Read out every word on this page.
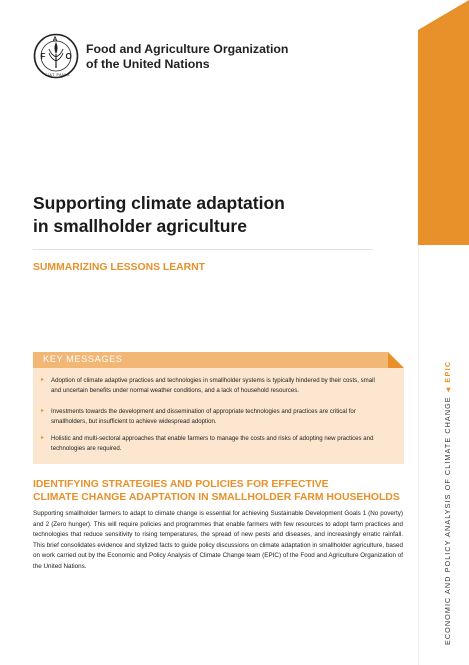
ECONOMIC AND POLICY ANALYSIS OF CLIMATE CHANGE◀EPIC
F	O
A
FIAT PANIS
Food and Agriculture Organization
of the United Nations
Supporting climate adaptation
in smallholder agriculture
SUMMARIZING LESSONS LEARNT
KEY MESSAGES
▸ Adoption of climate adaptive practices and technologies in smallholder systems is typically hindered by their costs, small and uncertain benefits under normal weather conditions, and a lack of household resources.
▸ Investments towards the development and dissemination of appropriate technologies and practices are critical for smallholders, but insufficient to achieve widespread adoption.
▸ Holistic and multi-sectoral approaches that enable farmers to manage the costs and risks of adopting new practices and technologies are required.
IDENTIFYING STRATEGIES AND POLICIES FOR EFFECTIVE
CLIMATE CHANGE ADAPTATION IN SMALLHOLDER FARM HOUSEHOLDS
Supporting smallholder farmers to adapt to climate change is essential for achieving Sustainable Development Goals 1 (No poverty) and 2 (Zero hunger). This will require policies and programmes that enable farmers with few resources to adopt farm practices and technologies that reduce sensitivity to rising temperatures, the spread of new pests and diseases, and increasingly erratic rainfall. This brief consolidates evidence and stylized facts to guide policy discussions on climate adaptation in smallholder agriculture, based on work carried out by the Economic and Policy Analysis of Climate Change team (EPIC) of the Food and Agriculture Organization of the United Nations.
